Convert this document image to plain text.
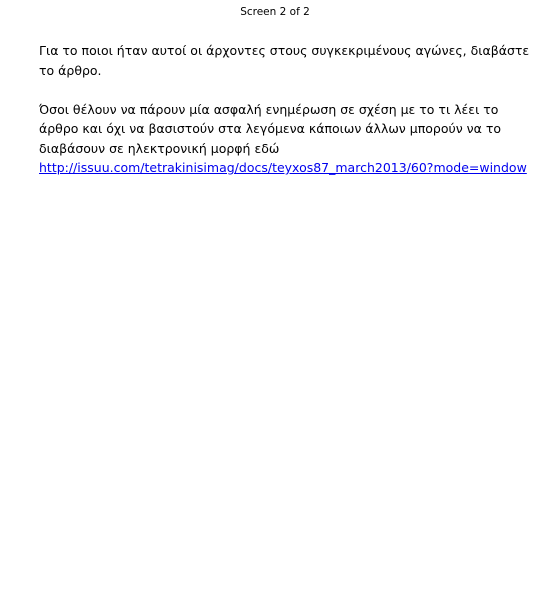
Screen 2 of 2

Για το ποιοι ήταν αυτοί οι άρχοντες στους συγκεκριμένους αγώνες, διαβάστε το άρθρο.

Όσοι θέλουν να πάρουν μία ασφαλή ενημέρωση σε σχέση με το τι λέει το άρθρο και όχι να βασιστούν στα λεγόμενα κάποιων άλλων μπορούν να το διαβάσουν σε ηλεκτρονική μορφή εδώ
http://issuu.com/tetrakinisimag/docs/teyxos87_march2013/60?mode=window
